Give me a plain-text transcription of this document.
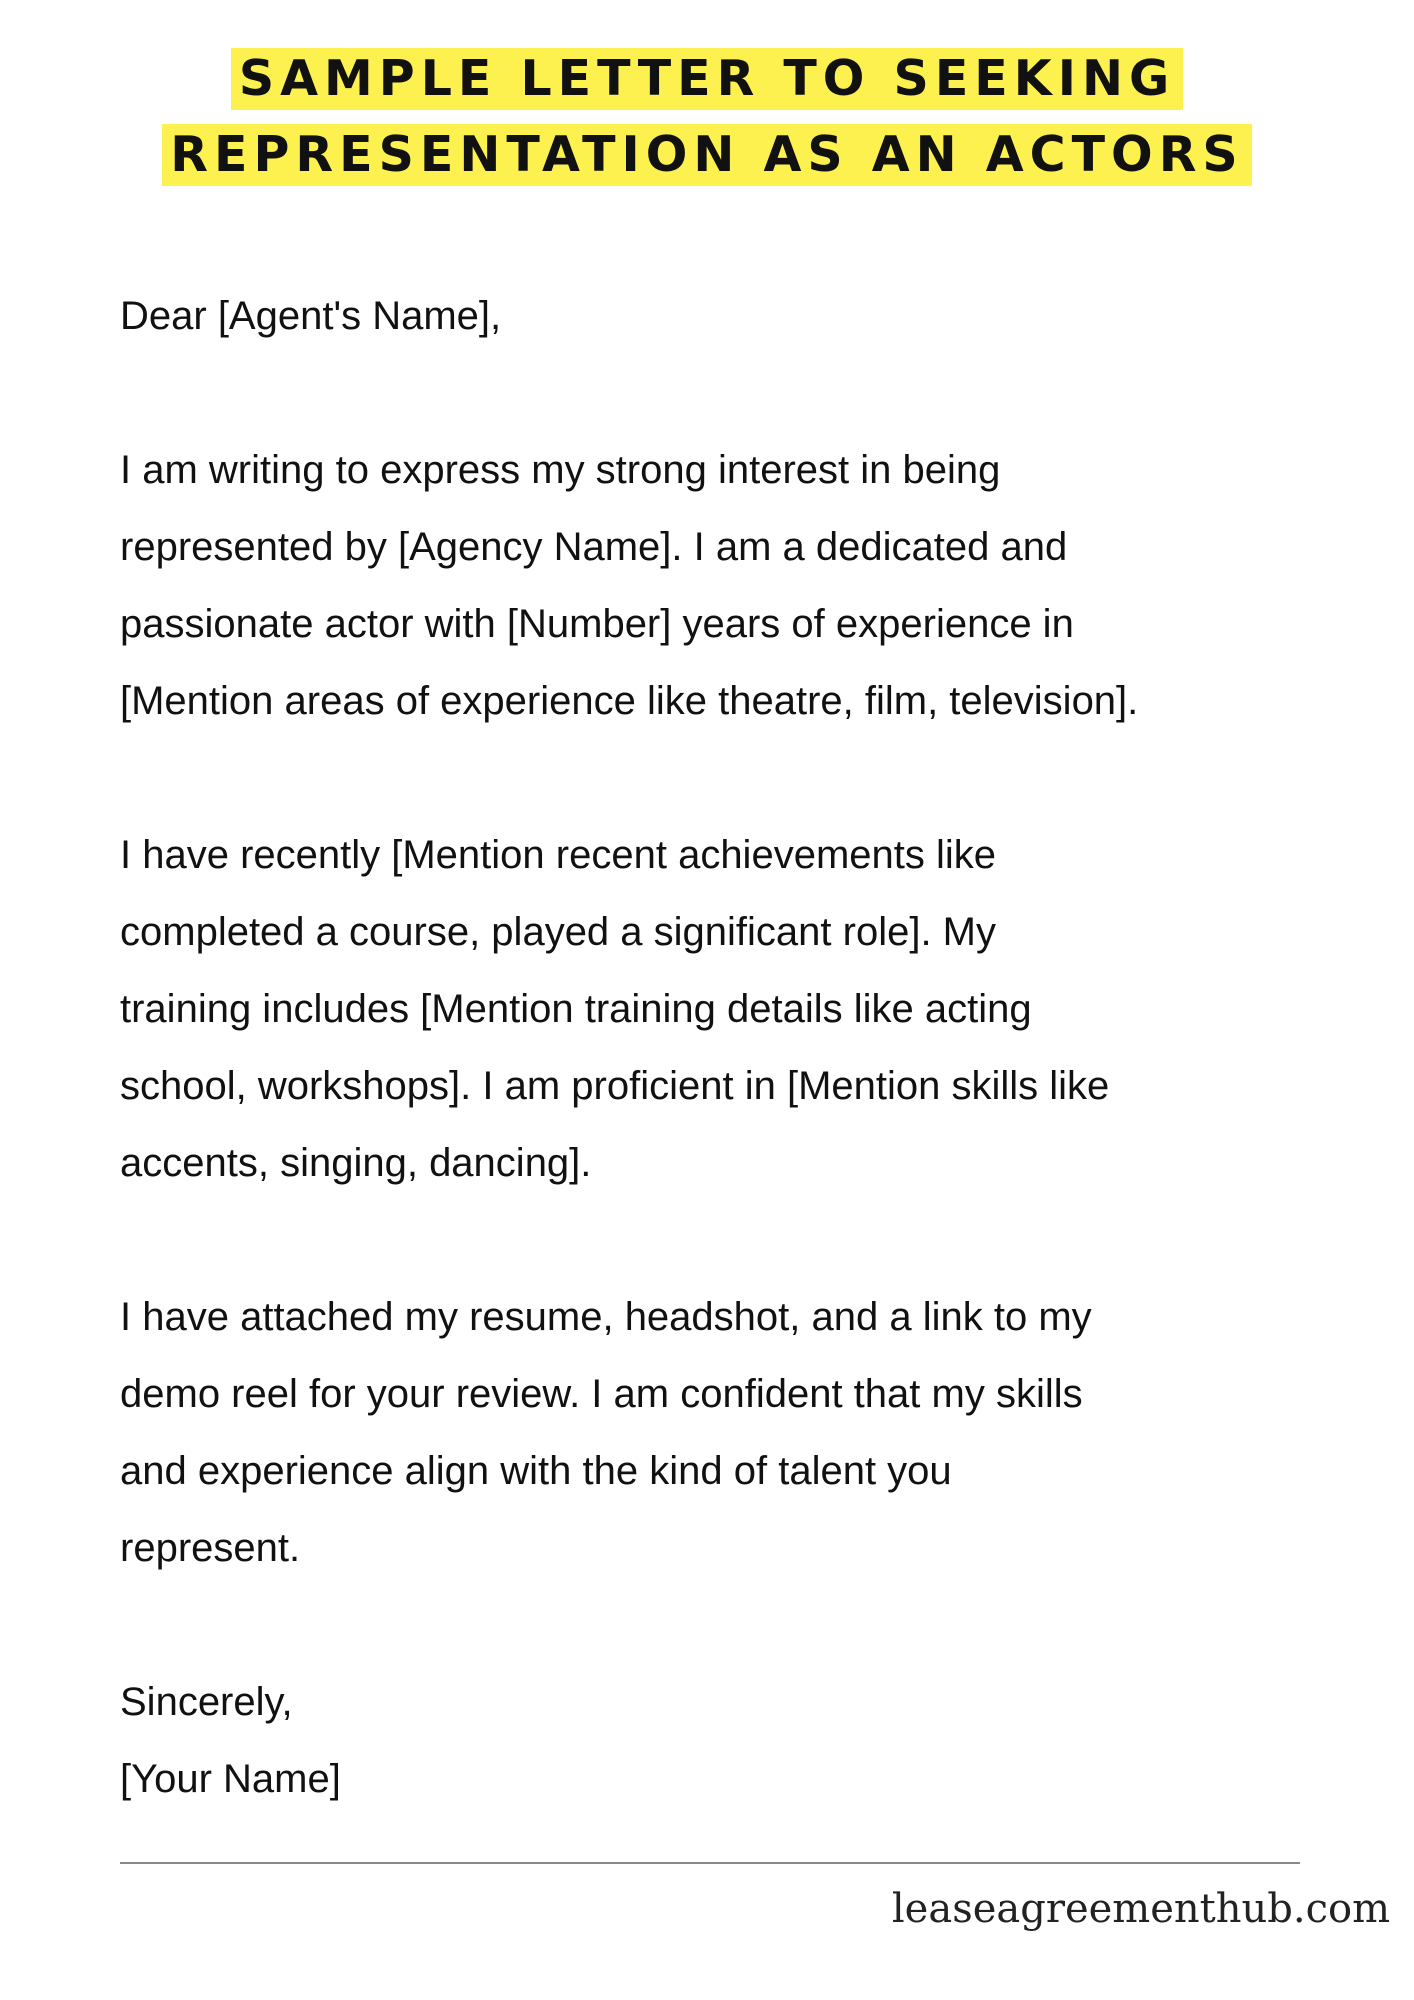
SAMPLE LETTER TO SEEKING
REPRESENTATION AS AN ACTORS

Dear [Agent's Name],

I am writing to express my strong interest in being
represented by [Agency Name]. I am a dedicated and
passionate actor with [Number] years of experience in
[Mention areas of experience like theatre, film, television].

I have recently [Mention recent achievements like
completed a course, played a significant role]. My
training includes [Mention training details like acting
school, workshops]. I am proficient in [Mention skills like
accents, singing, dancing].

I have attached my resume, headshot, and a link to my
demo reel for your review. I am confident that my skills
and experience align with the kind of talent you
represent.

Sincerely,
[Your Name]

leaseagreementhub.com
